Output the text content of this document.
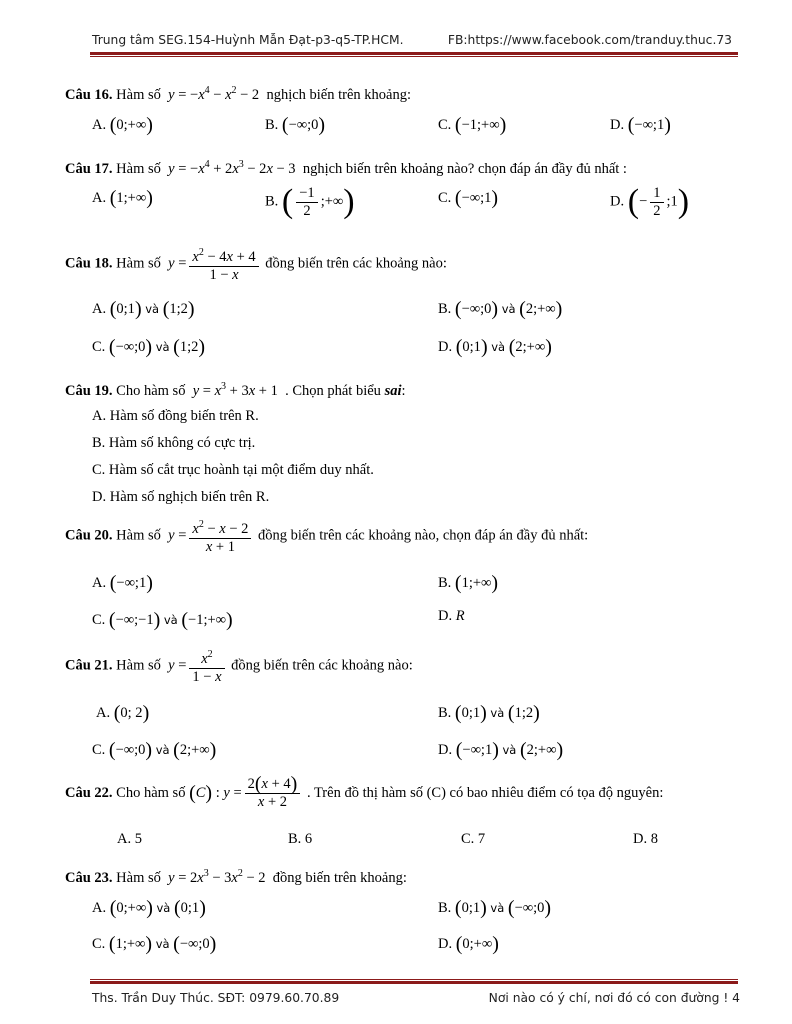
Trung tâm SEG.154-Huỳnh Mẫn Đạt-p3-q5-TP.HCM.	FB:https://www.facebook.com/tranduy.thuc.73
Câu 16. Hàm số  $y = -x^4 - x^2 - 2$  nghịch biến trên khoảng:
A. (0;+∞)	B. (−∞;0)	C. (−1;+∞)	D. (−∞;1)
Câu 17. Hàm số  $y = -x^4 + 2x^3 - 2x - 3$  nghịch biến trên khoảng nào? chọn đáp án đầy đủ nhất :
A. (1;+∞)	B. ( $\frac{-1}{2}$ ;+∞)	C. (−∞;1)	D. (− $\frac{1}{2}$ ;1)
Câu 18. Hàm số  $y = \frac{x^2 - 4x + 4}{1 - x}$ đồng biến trên các khoảng nào:
A. (0;1) và (1;2)	B. (−∞;0) và (2;+∞)
C. (−∞;0) và (1;2)	D. (0;1) và (2;+∞)
Câu 19. Cho hàm số  $y = x^3 + 3x + 1$  . Chọn phát biểu sai:
A. Hàm số đồng biến trên R.
B. Hàm số không có cực trị.
C. Hàm số cắt trục hoành tại một điểm duy nhất.
D. Hàm số nghịch biến trên R.
Câu 20. Hàm số  $y = \frac{x^2 - x - 2}{x + 1}$ đồng biến trên các khoảng nào, chọn đáp án đầy đủ nhất:
A. (−∞;1)	B. (1;+∞)
C. (−∞;−1) và (−1;+∞)	D. R
Câu 21. Hàm số  $y = \frac{x^2}{1 - x}$ đồng biến trên các khoảng nào:
A. (0; 2)	B. (0;1) và (1;2)
C. (−∞;0) và (2;+∞)	D. (−∞;1) và (2;+∞)
Câu 22. Cho hàm số (C) : $y = \frac{2(x + 4)}{x + 2}$ . Trên đồ thị hàm số (C) có bao nhiêu điểm có tọa độ nguyên:
A. 5	B. 6	C. 7	D. 8
Câu 23. Hàm số  $y = 2x^3 - 3x^2 - 2$  đồng biến trên khoảng:
A. (0;+∞) và (0;1)	B. (0;1) và (−∞;0)
C. (1;+∞) và (−∞;0)	D. (0;+∞)
Ths. Trần Duy Thúc. SĐT: 0979.60.70.89	Nơi nào có ý chí, nơi đó có con đường ! 4
